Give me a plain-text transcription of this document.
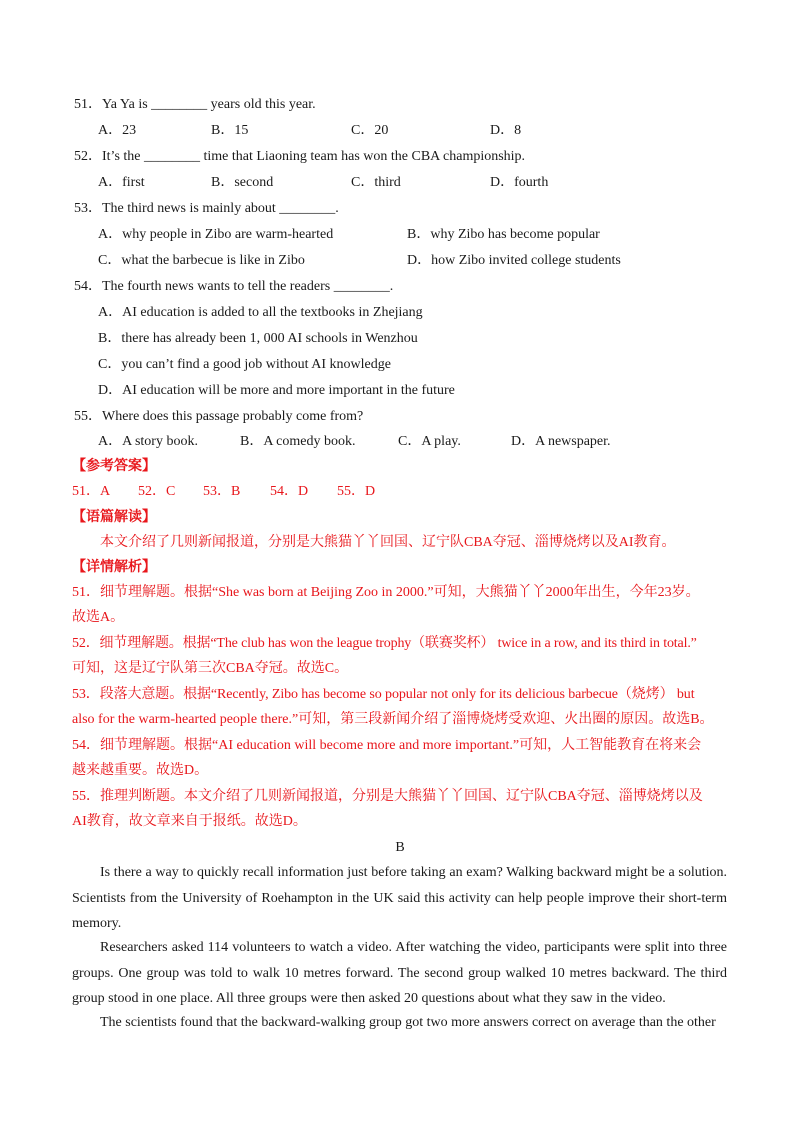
51．Ya Ya is ________ years old this year.
A．23	B．15	C．20	D．8
52．It’s the ________ time that Liaoning team has won the CBA championship.
A．first	B．second	C．third	D．fourth
53．The third news is mainly about ________.
A．why people in Zibo are warm-hearted	B．why Zibo has become popular
C．what the barbecue is like in Zibo	D．how Zibo invited college students
54．The fourth news wants to tell the readers ________.
A．AI education is added to all the textbooks in Zhejiang
B．there has already been 1, 000 AI schools in Wenzhou
C．you can’t find a good job without AI knowledge
D．AI education will be more and more important in the future
55．Where does this passage probably come from?
A．A story book.	B．A comedy book.	C．A play.	D．A newspaper.
【参考答案】
51．A 52．C 53．B 54．D 55．D
【语篇解读】
本文介绍了几则新闻报道，分别是大熊猫丫丫回国、辽宁队CBA夺冠、淄博烧烤以及AI教育。
【详情解析】
51．细节理解题。根据“She was born at Beijing Zoo in 2000.”可知，大熊猫丫丫2000年出生，今年23岁。
故选A。
52．细节理解题。根据“The club has won the league trophy（联赛奖杯） twice in a row, and its third in total.”
可知，这是辽宁队第三次CBA夺冠。故选C。
53．段落大意题。根据“Recently, Zibo has become so popular not only for its delicious barbecue（烧烤） but
also for the warm-hearted people there.”可知，第三段新闻介绍了淄博烧烤受欢迎、火出圈的原因。故选B。
54．细节理解题。根据“AI education will become more and more important.”可知，人工智能教育在将来会
越来越重要。故选D。
55．推理判断题。本文介绍了几则新闻报道，分别是大熊猫丫丫回国、辽宁队CBA夺冠、淄博烧烤以及
AI教育，故文章来自于报纸。故选D。
B
Is there a way to quickly recall information just before taking an exam? Walking backward might be a solution. Scientists from the University of Roehampton in the UK said this activity can help people improve their short-term memory.
Researchers asked 114 volunteers to watch a video. After watching the video, participants were split into three groups. One group was told to walk 10 metres forward. The second group walked 10 metres backward. The third group stood in one place. All three groups were then asked 20 questions about what they saw in the video.
The scientists found that the backward-walking group got two more answers correct on average than the other
